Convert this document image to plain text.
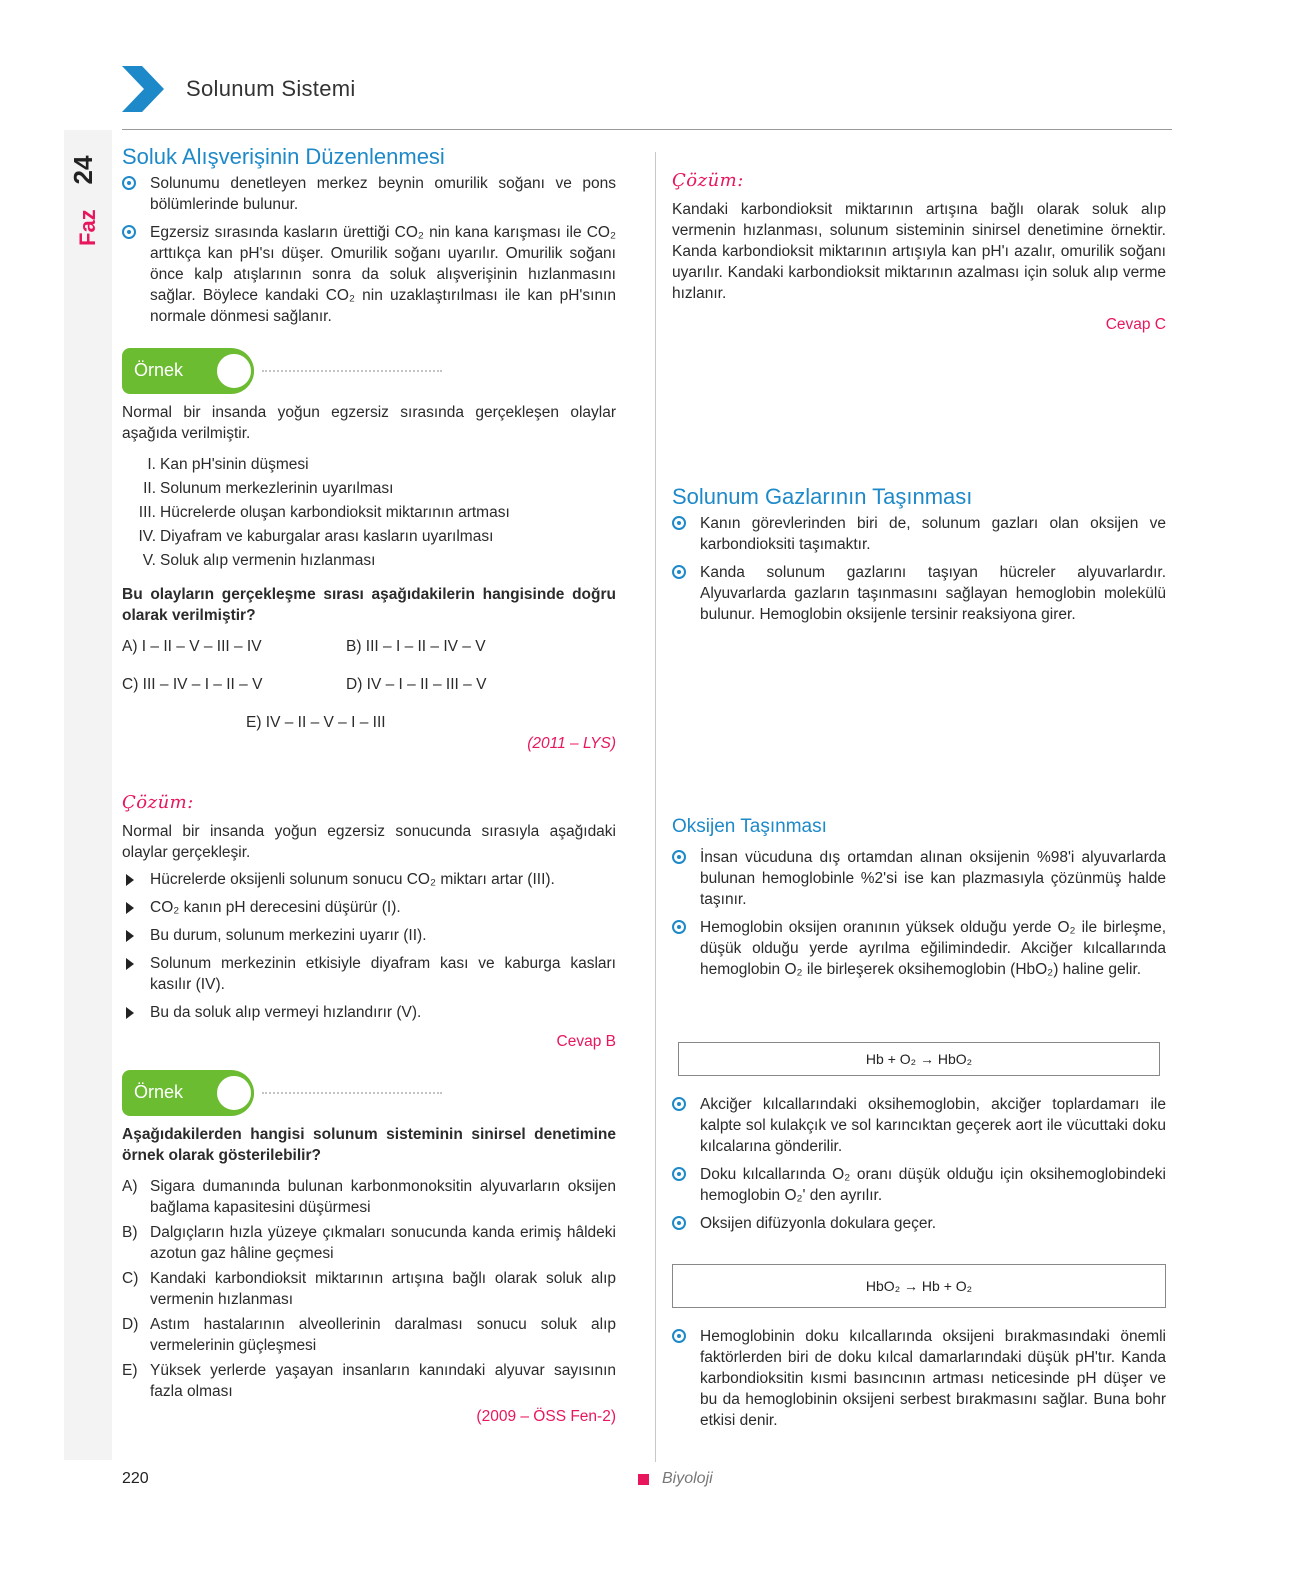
24
Faz
Solunum Sistemi
Soluk Alışverişinin Düzenlenmesi
Solunumu denetleyen merkez beynin omurilik soğanı ve pons bölümlerinde bulunur.
Egzersiz sırasında kasların ürettiği CO₂ nin kana karışması ile CO₂ arttıkça kan pH'sı düşer. Omurilik soğanı uyarılır. Omurilik soğanı önce kalp atışlarının sonra da soluk alışverişinin hızlanmasını sağlar. Böylece kandaki CO₂ nin uzaklaştırılması ile kan pH'sının normale dönmesi sağlanır.
Örnek
Normal bir insanda yoğun egzersiz sırasında gerçekleşen olaylar aşağıda verilmiştir.
I. Kan pH'sinin düşmesi
II. Solunum merkezlerinin uyarılması
III. Hücrelerde oluşan karbondioksit miktarının artması
IV. Diyafram ve kaburgalar arası kasların uyarılması
V. Soluk alıp vermenin hızlanması
Bu olayların gerçekleşme sırası aşağıdakilerin hangisinde doğru olarak verilmiştir?
A) I – II – V – III – IV	B) III – I – II – IV – V
C) III – IV – I – II – V	D) IV – I – II – III – V
E) IV – II – V – I – III
(2011 – LYS)
Çözüm:
Normal bir insanda yoğun egzersiz sonucunda sırasıyla aşağıdaki olaylar gerçekleşir.
Hücrelerde oksijenli solunum sonucu CO₂ miktarı artar (III).
CO₂ kanın pH derecesini düşürür (I).
Bu durum, solunum merkezini uyarır (II).
Solunum merkezinin etkisiyle diyafram kası ve kaburga kasları kasılır (IV).
Bu da soluk alıp vermeyi hızlandırır (V).
Cevap B
Örnek
Aşağıdakilerden hangisi solunum sisteminin sinirsel denetimine örnek olarak gösterilebilir?
A) Sigara dumanında bulunan karbonmonoksitin alyuvarların oksijen bağlama kapasitesini düşürmesi
B) Dalgıçların hızla yüzeye çıkmaları sonucunda kanda erimiş hâldeki azotun gaz hâline geçmesi
C) Kandaki karbondioksit miktarının artışına bağlı olarak soluk alıp vermenin hızlanması
D) Astım hastalarının alveollerinin daralması sonucu soluk alıp vermelerinin güçleşmesi
E) Yüksek yerlerde yaşayan insanların kanındaki alyuvar sayısının fazla olması
(2009 – ÖSS Fen-2)
Çözüm:
Kandaki karbondioksit miktarının artışına bağlı olarak soluk alıp vermenin hızlanması, solunum sisteminin sinirsel denetimine örnektir. Kanda karbondioksit miktarının artışıyla kan pH'ı azalır, omurilik soğanı uyarılır. Kandaki karbondioksit miktarının azalması için soluk alıp verme hızlanır.
Cevap C
Solunum Gazlarının Taşınması
Kanın görevlerinden biri de, solunum gazları olan oksijen ve karbondioksiti taşımaktır.
Kanda solunum gazlarını taşıyan hücreler alyuvarlardır. Alyuvarlarda gazların taşınmasını sağlayan hemoglobin molekülü bulunur. Hemoglobin oksijenle tersinir reaksiyona girer.
Oksijen Taşınması
İnsan vücuduna dış ortamdan alınan oksijenin %98'i alyuvarlarda bulunan hemoglobinle %2'si ise kan plazmasıyla çözünmüş halde taşınır.
Hemoglobin oksijen oranının yüksek olduğu yerde O₂ ile birleşme, düşük olduğu yerde ayrılma eğilimindedir. Akciğer kılcallarında hemoglobin O₂ ile birleşerek oksihemoglobin (HbO₂) haline gelir.
Hb + O₂ → HbO₂
Akciğer kılcallarındaki oksihemoglobin, akciğer toplardamarı ile kalpte sol kulakçık ve sol karıncıktan geçerek aort ile vücuttaki doku kılcalarına gönderilir.
Doku kılcallarında O₂ oranı düşük olduğu için oksihemoglobindeki hemoglobin O₂' den ayrılır.
Oksijen difüzyonla dokulara geçer.
HbO₂ → Hb + O₂
Hemoglobinin doku kılcallarında oksijeni bırakmasındaki önemli faktörlerden biri de doku kılcal damarlarındaki düşük pH'tır. Kanda karbondioksitin kısmi basıncının artması neticesinde pH düşer ve bu da hemoglobinin oksijeni serbest bırakmasını sağlar. Buna bohr etkisi denir.
220	Biyoloji
